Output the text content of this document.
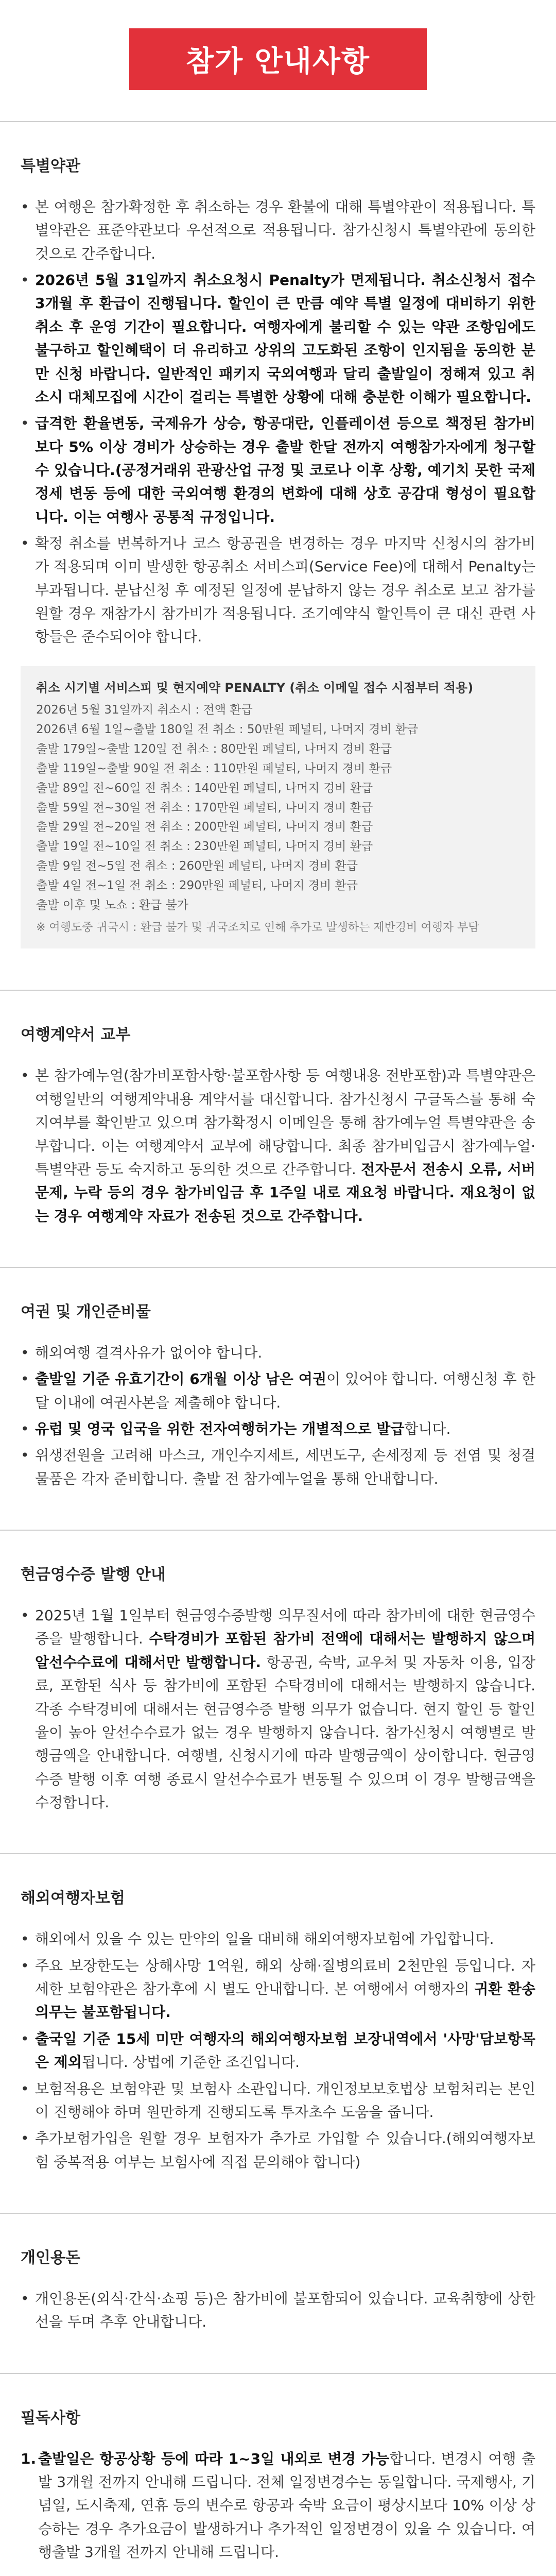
참가 안내사항
특별약관
• 본 여행은 참가확정한 후 취소하는 경우 환불에 대해 특별약관이 적용됩니다. 특별약관은 표준약관보다 우선적으로 적용됩니다. 참가신청시 특별약관에 동의한 것으로 간주합니다.
• 2026년 5월 31일까지 취소요청시 Penalty가 면제됩니다. 취소신청서 접수 3개월 후 환급이 진행됩니다. 할인이 큰 만큼 예약 특별 일정에 대비하기 위한 취소 후 운영 기간이 필요합니다. 여행자에게 불리할 수 있는 약관 조항임에도 불구하고 할인혜택이 더 유리하고 상위의 고도화된 조항이 인지됨을 동의한 분만 신청 바랍니다. 일반적인 패키지 국외여행과 달리 출발일이 정해져 있고 취소시 대체모집에 시간이 걸리는 특별한 상황에 대해 충분한 이해가 필요합니다.
• 급격한 환율변동, 국제유가 상승, 항공대란, 인플레이션 등으로 책정된 참가비보다 5% 이상 경비가 상승하는 경우 출발 한달 전까지 여행참가자에게 청구할 수 있습니다.(공정거래위 관광산업 규정 및 코로나 이후 상황, 예기치 못한 국제정세 변동 등에 대한 국외여행 환경의 변화에 대해 상호 공감대 형성이 필요합니다. 이는 여행사 공통적 규정입니다.
• 확정 취소를 번복하거나 코스 항공권을 변경하는 경우 마지막 신청시의 참가비가 적용되며 이미 발생한 항공취소 서비스피(Service Fee)에 대해서 Penalty는 부과됩니다. 분납신청 후 예정된 일정에 분납하지 않는 경우 취소로 보고 참가를 원할 경우 재참가시 참가비가 적용됩니다. 조기예약식 할인특이 큰 대신 관련 사항들은 준수되어야 합니다.
취소 시기별 서비스피 및 현지예약 PENALTY (취소 이메일 접수 시점부터 적용)
2026년 5월 31일까지 취소시 : 전액 환급
2026년 6월 1일~출발 180일 전 취소 : 50만원 페널티, 나머지 경비 환급
출발 179일~출발 120일 전 취소 : 80만원 페널티, 나머지 경비 환급
출발 119일~출발 90일 전 취소 : 110만원 페널티, 나머지 경비 환급
출발 89일 전~60일 전 취소 : 140만원 페널티, 나머지 경비 환급
출발 59일 전~30일 전 취소 : 170만원 페널티, 나머지 경비 환급
출발 29일 전~20일 전 취소 : 200만원 페널티, 나머지 경비 환급
출발 19일 전~10일 전 취소 : 230만원 페널티, 나머지 경비 환급
출발 9일 전~5일 전 취소 : 260만원 페널티, 나머지 경비 환급
출발 4일 전~1일 전 취소 : 290만원 페널티, 나머지 경비 환급
출발 이후 및 노쇼 : 환급 불가
※ 여행도중 귀국시 : 환급 불가 및 귀국조치로 인해 추가로 발생하는 제반경비 여행자 부담
여행계약서 교부
• 본 참가예누얼(참가비포함사항·불포함사항 등 여행내용 전반포함)과 특별약관은 여행일반의 여행계약내용 계약서를 대신합니다. 참가신청시 구글독스를 통해 숙지여부를 확인받고 있으며 참가확정시 이메일을 통해 참가예누얼 특별약관을 송부합니다. 이는 여행계약서 교부에 해당합니다. 최종 참가비입금시 참가예누얼·특별약관 등도 숙지하고 동의한 것으로 간주합니다. 전자문서 전송시 오류, 서버문제, 누락 등의 경우 참가비입금 후 1주일 내로 재요청 바랍니다. 재요청이 없는 경우 여행계약 자료가 전송된 것으로 간주합니다.
여권 및 개인준비물
• 해외여행 결격사유가 없어야 합니다.
• 출발일 기준 유효기간이 6개월 이상 남은 여권이 있어야 합니다. 여행신청 후 한달 이내에 여권사본을 제출해야 합니다.
• 유럽 및 영국 입국을 위한 전자여행허가는 개별적으로 발급합니다.
• 위생전원을 고려해 마스크, 개인수지세트, 세면도구, 손세정제 등 전염 및 청결 물품은 각자 준비합니다. 출발 전 참가예누얼을 통해 안내합니다.
현금영수증 발행 안내
• 2025년 1월 1일부터 현금영수증발행 의무질서에 따라 참가비에 대한 현금영수증을 발행합니다. 수탁경비가 포함된 참가비 전액에 대해서는 발행하지 않으며 알선수수료에 대해서만 발행합니다. 항공권, 숙박, 교우처 및 자동차 이용, 입장료, 포함된 식사 등 참가비에 포함된 수탁경비에 대해서는 발행하지 않습니다. 각종 수탁경비에 대해서는 현금영수증 발행 의무가 없습니다. 현지 할인 등 할인율이 높아 알선수수료가 없는 경우 발행하지 않습니다. 참가신청시 여행별로 발행금액을 안내합니다. 여행별, 신청시기에 따라 발행금액이 상이합니다. 현금영수증 발행 이후 여행 종료시 알선수수료가 변동될 수 있으며 이 경우 발행금액을 수정합니다.
해외여행자보험
• 해외에서 있을 수 있는 만약의 일을 대비해 해외여행자보험에 가입합니다.
• 주요 보장한도는 상해사망 1억원, 해외 상해·질병의료비 2천만원 등입니다. 자세한 보험약관은 참가후에 시 별도 안내합니다. 본 여행에서 여행자의 귀환 환송의무는 불포함됩니다.
• 출국일 기준 15세 미만 여행자의 해외여행자보험 보장내역에서 '사망'담보항목은 제외됩니다. 상법에 기준한 조건입니다.
• 보험적용은 보험약관 및 보험사 소관입니다. 개인정보보호법상 보험처리는 본인이 진행해야 하며 원만하게 진행되도록 투자초수 도움을 줍니다.
• 추가보험가입을 원할 경우 보험자가 추가로 가입할 수 있습니다.(해외여행자보험 중복적용 여부는 보험사에 직접 문의해야 합니다)
개인용돈
• 개인용돈(외식·간식·쇼핑 등)은 참가비에 불포함되어 있습니다. 교육취향에 상한선을 두며 추후 안내합니다.
필독사항
1. 출발일은 항공상황 등에 따라 1~3일 내외로 변경 가능합니다. 변경시 여행 출발 3개월 전까지 안내해 드립니다. 전체 일정변경수는 동일합니다. 국제행사, 기념일, 도시축제, 연휴 등의 변수로 항공과 숙박 요금이 평상시보다 10% 이상 상승하는 경우 추가요금이 발생하거나 추가적인 일정변경이 있을 수 있습니다. 여행출발 3개월 전까지 안내해 드립니다.
